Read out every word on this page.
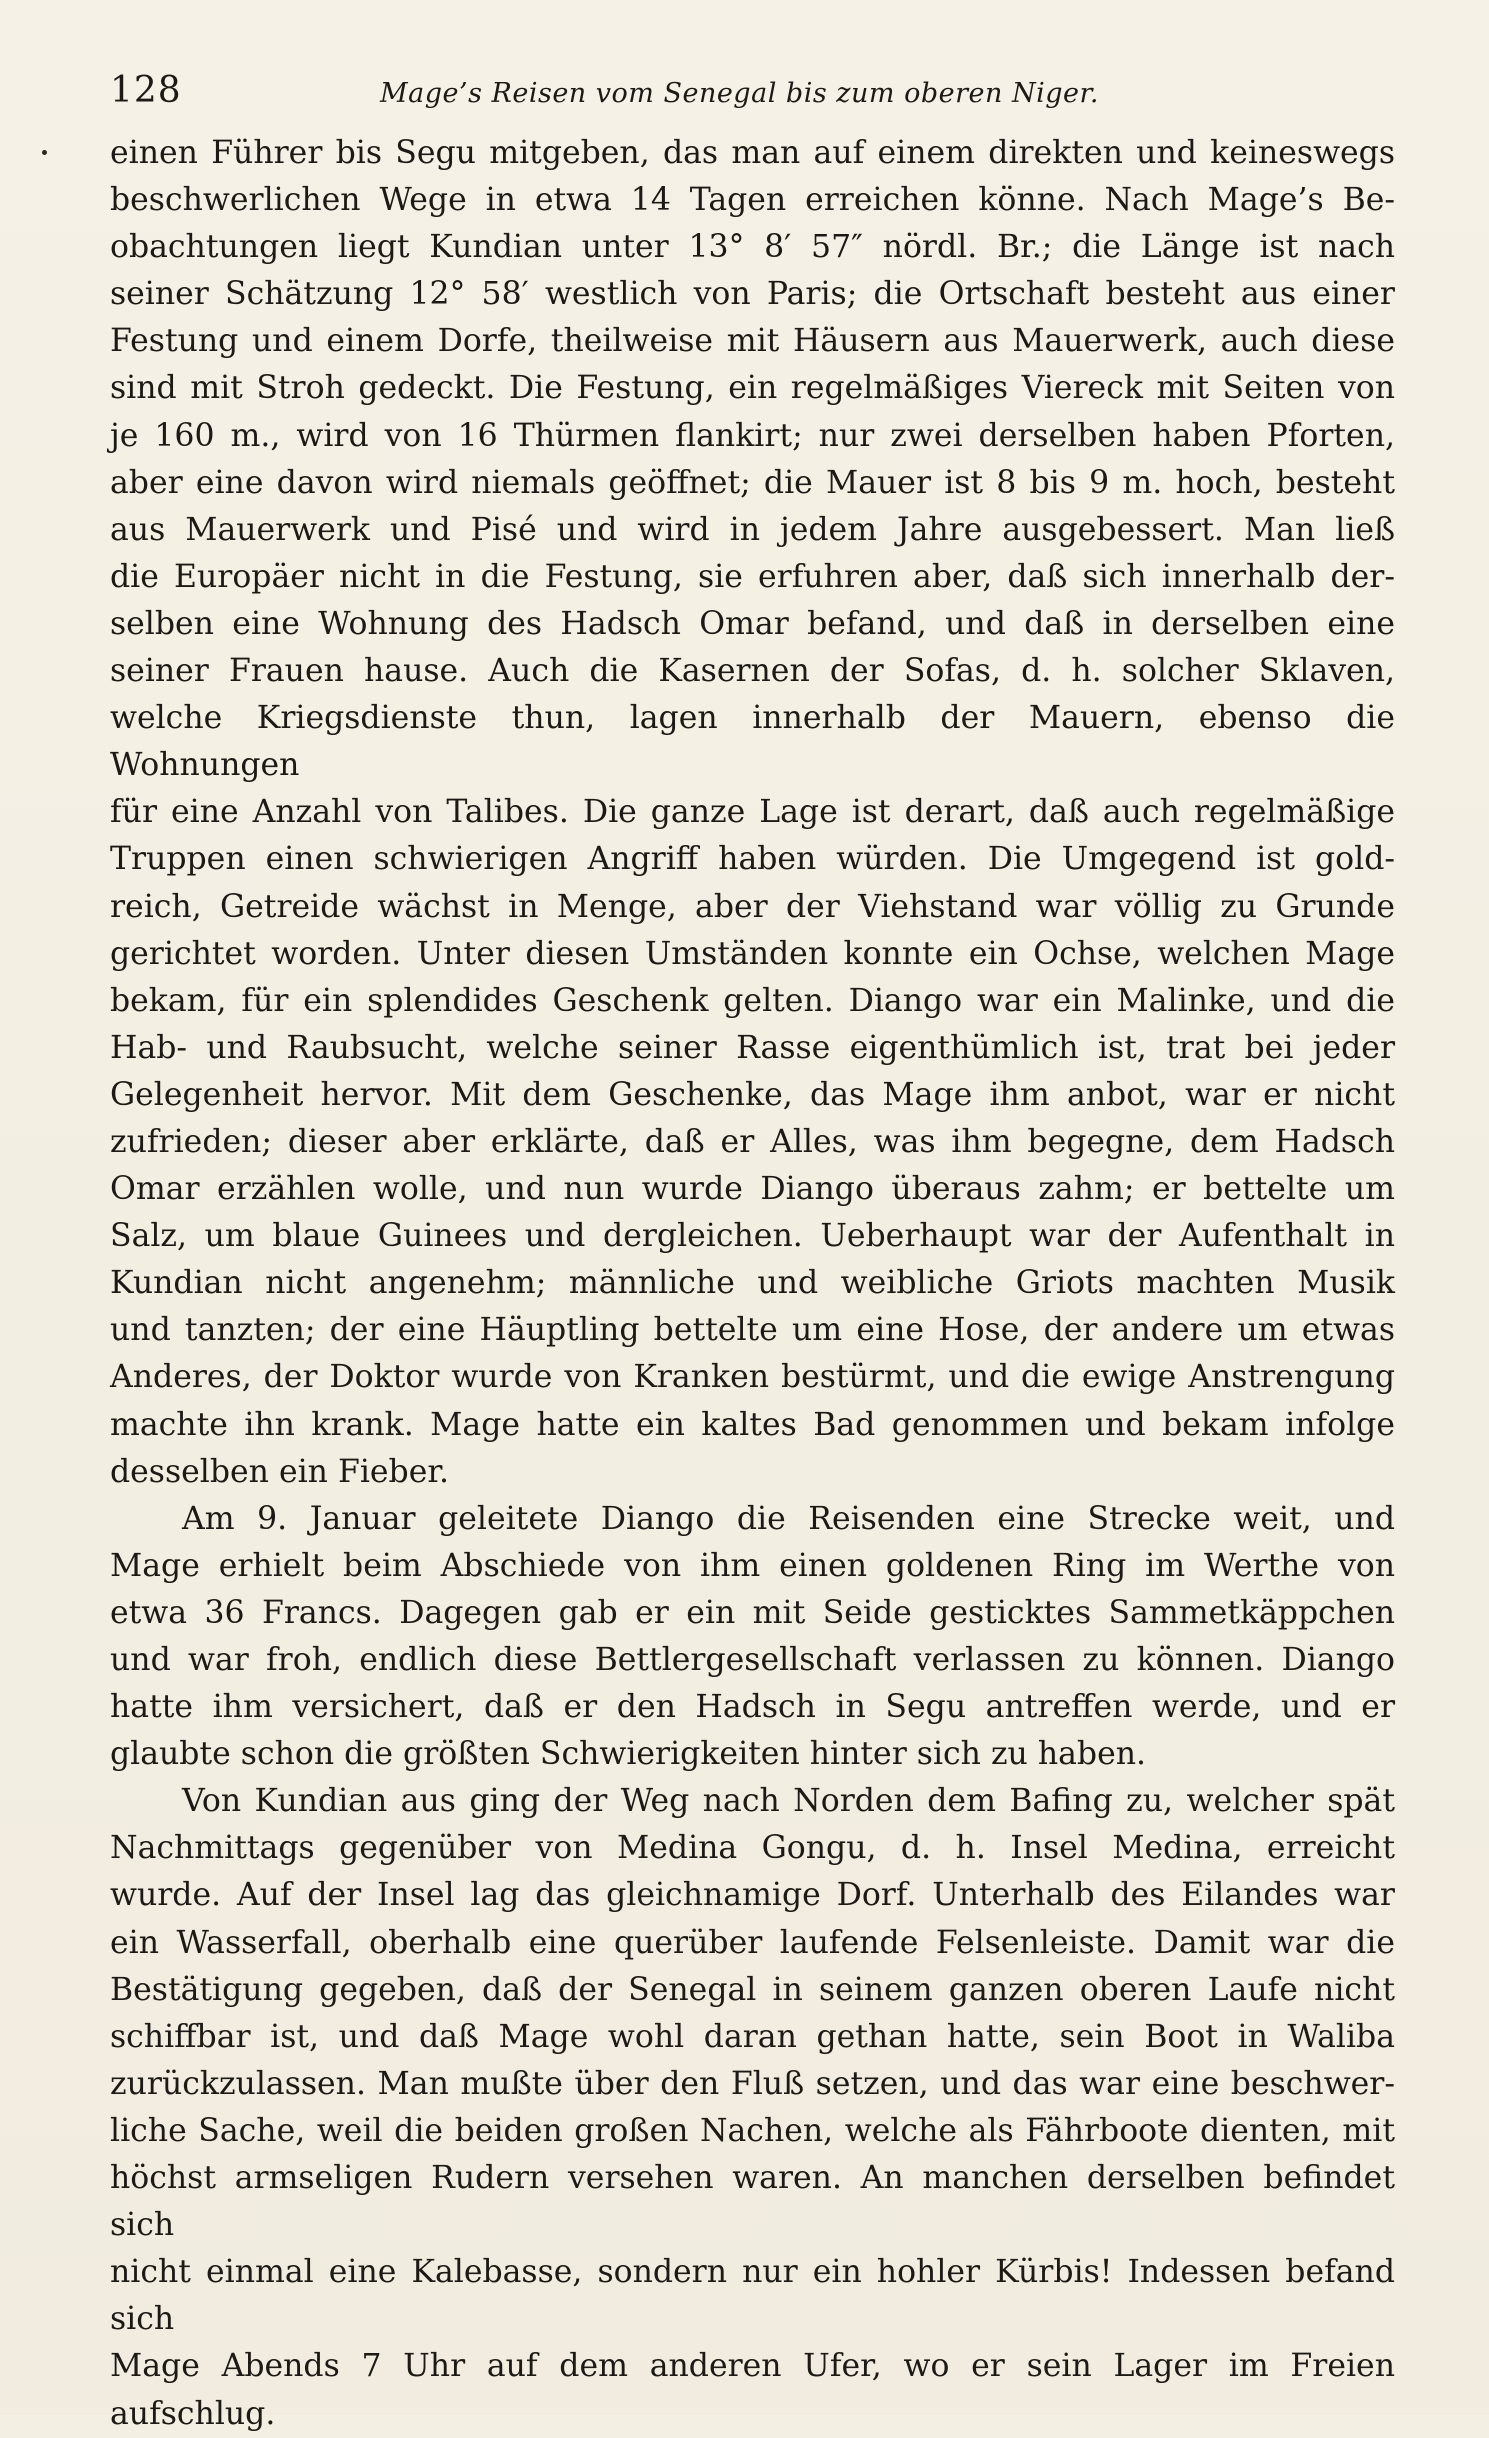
128	Mage’s Reisen vom Senegal bis zum oberen Niger.
einen Führer bis Segu mitgeben, das man auf einem direkten und keineswegs
beschwerlichen Wege in etwa 14 Tagen erreichen könne. Nach Mage’s Be-
obachtungen liegt Kundian unter 13° 8′ 57″ nördl. Br.; die Länge ist nach
seiner Schätzung 12° 58′ westlich von Paris; die Ortschaft besteht aus einer
Festung und einem Dorfe, theilweise mit Häusern aus Mauerwerk, auch diese
sind mit Stroh gedeckt. Die Festung, ein regelmäßiges Viereck mit Seiten von
je 160 m., wird von 16 Thürmen flankirt; nur zwei derselben haben Pforten,
aber eine davon wird niemals geöffnet; die Mauer ist 8 bis 9 m. hoch, besteht
aus Mauerwerk und Pisé und wird in jedem Jahre ausgebessert. Man ließ
die Europäer nicht in die Festung, sie erfuhren aber, daß sich innerhalb der-
selben eine Wohnung des Hadsch Omar befand, und daß in derselben eine
seiner Frauen hause. Auch die Kasernen der Sofas, d. h. solcher Sklaven,
welche Kriegsdienste thun, lagen innerhalb der Mauern, ebenso die Wohnungen
für eine Anzahl von Talibes. Die ganze Lage ist derart, daß auch regelmäßige
Truppen einen schwierigen Angriff haben würden. Die Umgegend ist gold-
reich, Getreide wächst in Menge, aber der Viehstand war völlig zu Grunde
gerichtet worden. Unter diesen Umständen konnte ein Ochse, welchen Mage
bekam, für ein splendides Geschenk gelten. Diango war ein Malinke, und die
Hab- und Raubsucht, welche seiner Rasse eigenthümlich ist, trat bei jeder
Gelegenheit hervor. Mit dem Geschenke, das Mage ihm anbot, war er nicht
zufrieden; dieser aber erklärte, daß er Alles, was ihm begegne, dem Hadsch
Omar erzählen wolle, und nun wurde Diango überaus zahm; er bettelte um
Salz, um blaue Guinees und dergleichen. Ueberhaupt war der Aufenthalt in
Kundian nicht angenehm; männliche und weibliche Griots machten Musik
und tanzten; der eine Häuptling bettelte um eine Hose, der andere um etwas
Anderes, der Doktor wurde von Kranken bestürmt, und die ewige Anstrengung
machte ihn krank. Mage hatte ein kaltes Bad genommen und bekam infolge
desselben ein Fieber.
Am 9. Januar geleitete Diango die Reisenden eine Strecke weit, und
Mage erhielt beim Abschiede von ihm einen goldenen Ring im Werthe von
etwa 36 Francs. Dagegen gab er ein mit Seide gesticktes Sammetkäppchen
und war froh, endlich diese Bettlergesellschaft verlassen zu können. Diango
hatte ihm versichert, daß er den Hadsch in Segu antreffen werde, und er
glaubte schon die größten Schwierigkeiten hinter sich zu haben.
Von Kundian aus ging der Weg nach Norden dem Bafing zu, welcher spät
Nachmittags gegenüber von Medina Gongu, d. h. Insel Medina, erreicht
wurde. Auf der Insel lag das gleichnamige Dorf. Unterhalb des Eilandes war
ein Wasserfall, oberhalb eine querüber laufende Felsenleiste. Damit war die
Bestätigung gegeben, daß der Senegal in seinem ganzen oberen Laufe nicht
schiffbar ist, und daß Mage wohl daran gethan hatte, sein Boot in Waliba
zurückzulassen. Man mußte über den Fluß setzen, und das war eine beschwer-
liche Sache, weil die beiden großen Nachen, welche als Fährboote dienten, mit
höchst armseligen Rudern versehen waren. An manchen derselben befindet sich
nicht einmal eine Kalebasse, sondern nur ein hohler Kürbis! Indessen befand sich
Mage Abends 7 Uhr auf dem anderen Ufer, wo er sein Lager im Freien aufschlug.
